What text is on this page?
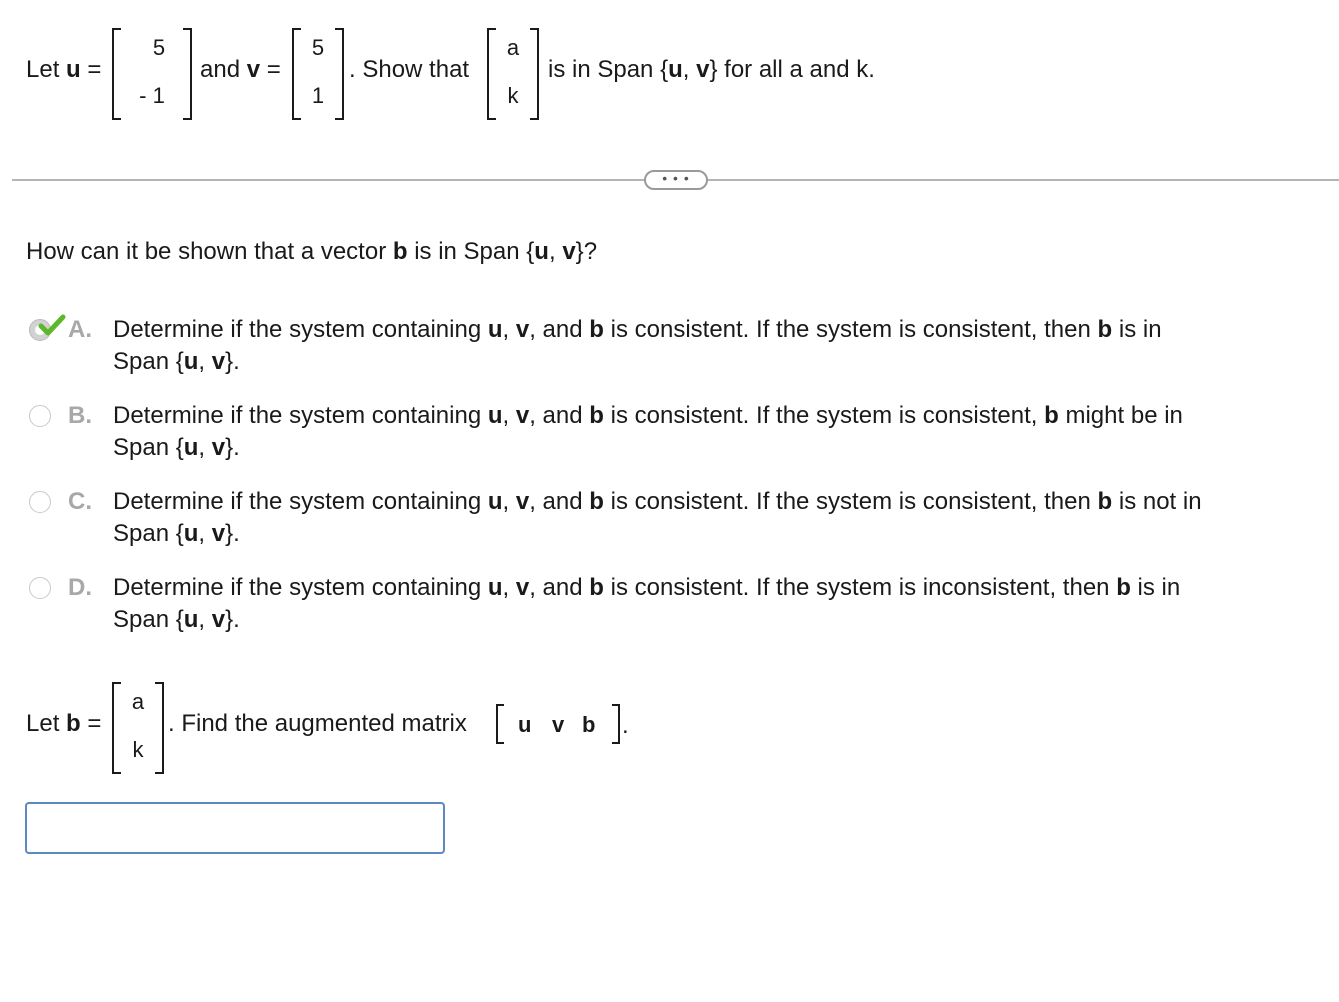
Let u =
5
- 1
and v =
5
1
. Show that
a
k
is in Span {u, v} for all a and k.
• • •
How can it be shown that a vector b is in Span {u, v}?
A. Determine if the system containing u, v, and b is consistent. If the system is consistent, then b is in
Span {u, v}.
B. Determine if the system containing u, v, and b is consistent. If the system is consistent, b might be in
Span {u, v}.
C. Determine if the system containing u, v, and b is consistent. If the system is consistent, then b is not in
Span {u, v}.
D. Determine if the system containing u, v, and b is consistent. If the system is inconsistent, then b is in
Span {u, v}.
Let b =
a
k
. Find the augmented matrix u v b .
